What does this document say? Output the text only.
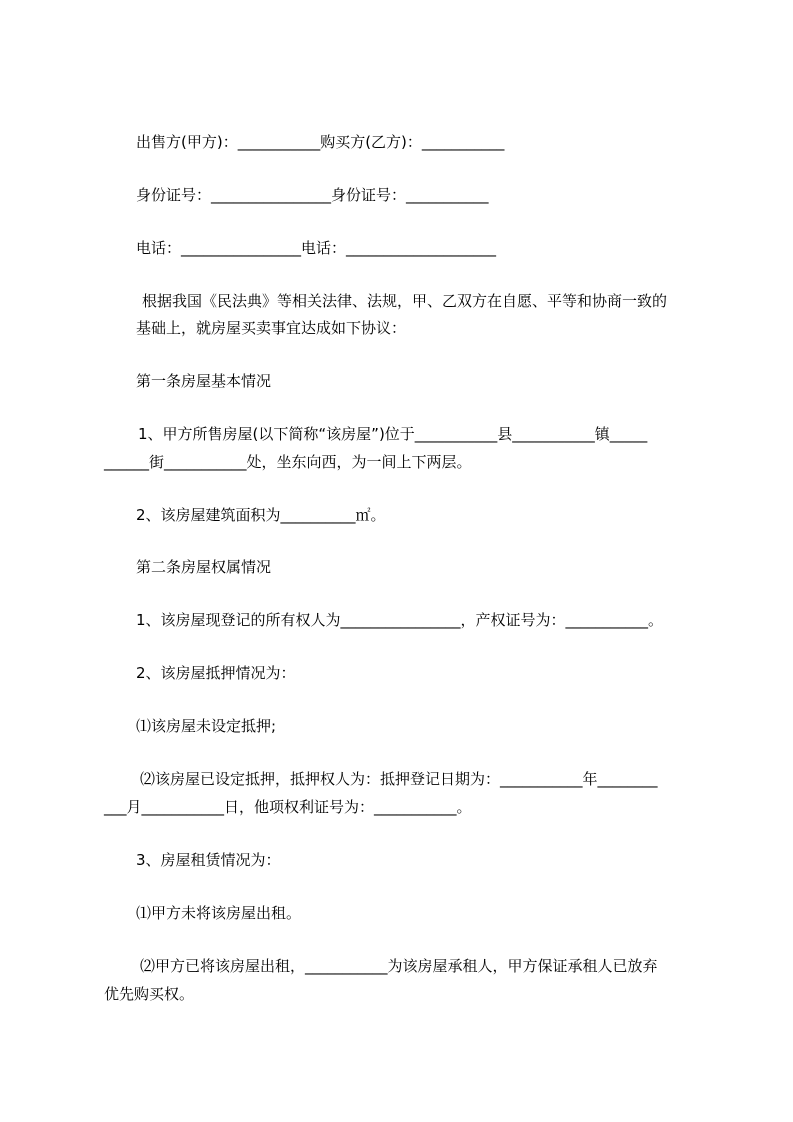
出售方(甲方)：___________购买方(乙方)：___________
身份证号：________________身份证号：___________
电话：________________电话：____________________
根据我国《民法典》等相关法律、法规，甲、乙双方在自愿、平等和协商一致的
基础上，就房屋买卖事宜达成如下协议：
第一条房屋基本情况
1、甲方所售房屋(以下简称“该房屋”)位于___________县___________镇_____
______街___________处，坐东向西，为一间上下两层。
2、该房屋建筑面积为__________㎡。
第二条房屋权属情况
1、该房屋现登记的所有权人为________________，产权证号为：___________。
2、该房屋抵押情况为：
⑴该房屋未设定抵押;
⑵该房屋已设定抵押，抵押权人为：抵押登记日期为：___________年________
___月___________日，他项权利证号为：___________。
3、房屋租赁情况为：
⑴甲方未将该房屋出租。
⑵甲方已将该房屋出租，___________为该房屋承租人，甲方保证承租人已放弃
优先购买权。
